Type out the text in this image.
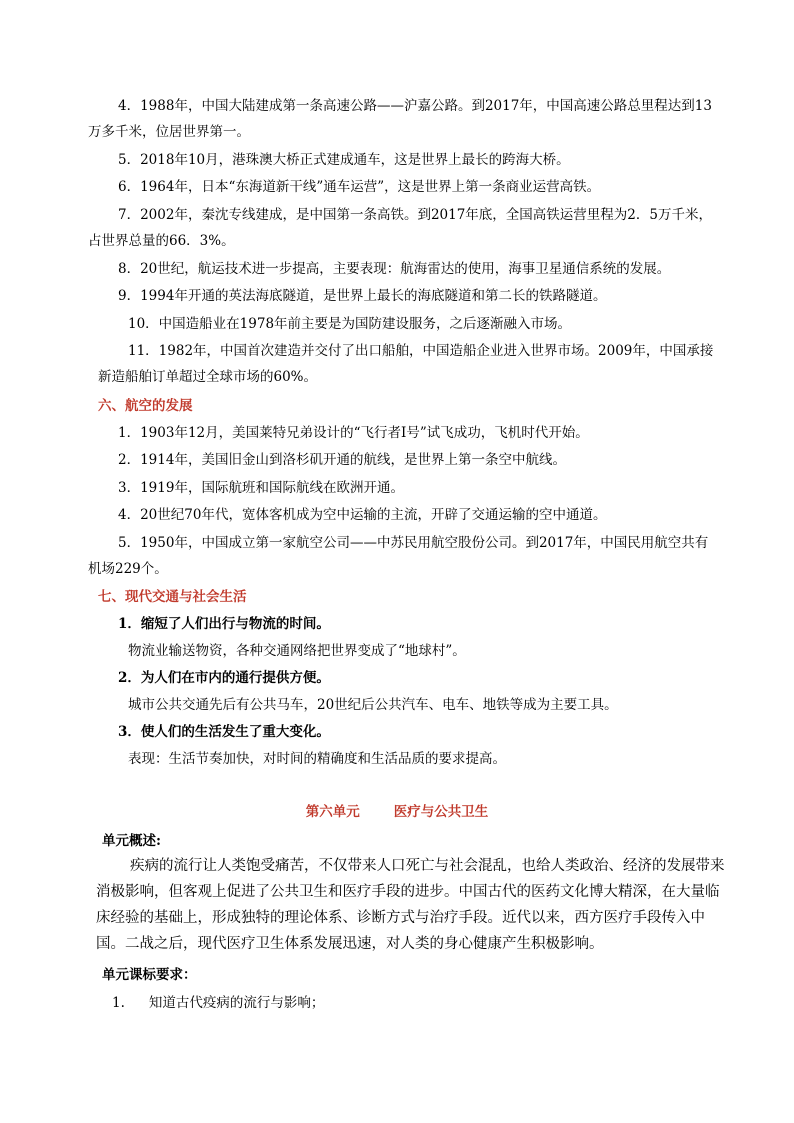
4．1988年，中国大陆建成第一条高速公路——沪嘉公路。到2017年，中国高速公路总里程达到13
万多千米，位居世界第一。
5．2018年10月，港珠澳大桥正式建成通车，这是世界上最长的跨海大桥。
6．1964年，日本“东海道新干线”通车运营”，这是世界上第一条商业运营高铁。
7．2002年，秦沈专线建成，是中国第一条高铁。到2017年底，全国高铁运营里程为2．5万千米，
占世界总量的66．3%。
8．20世纪，航运技术进一步提高，主要表现：航海雷达的使用，海事卫星通信系统的发展。
9．1994年开通的英法海底隧道，是世界上最长的海底隧道和第二长的铁路隧道。
10．中国造船业在1978年前主要是为国防建设服务，之后逐渐融入市场。
11．1982年，中国首次建造并交付了出口船舶，中国造船企业进入世界市场。2009年，中国承接
新造船舶订单超过全球市场的60%。
六、航空的发展
1．1903年12月，美国莱特兄弟设计的“飞行者Ⅰ号”试飞成功，飞机时代开始。
2．1914年，美国旧金山到洛杉矶开通的航线，是世界上第一条空中航线。
3．1919年，国际航班和国际航线在欧洲开通。
4．20世纪70年代，宽体客机成为空中运输的主流，开辟了交通运输的空中通道。
5．1950年，中国成立第一家航空公司——中苏民用航空股份公司。到2017年，中国民用航空共有
机场229个。
七、现代交通与社会生活
1．缩短了人们出行与物流的时间。
物流业输送物资，各种交通网络把世界变成了“地球村”。
2．为人们在市内的通行提供方便。
城市公共交通先后有公共马车，20世纪后公共汽车、电车、地铁等成为主要工具。
3．使人们的生活发生了重大变化。
表现：生活节奏加快，对时间的精确度和生活品质的要求提高。
第六单元	医疗与公共卫生
单元概述:
疾病的流行让人类饱受痛苦，不仅带来人口死亡与社会混乱，也给人类政治、经济的发展带来消极影响，但客观上促进了公共卫生和医疗手段的进步。中国古代的医药文化博大精深，在大量临床经验的基础上，形成独特的理论体系、诊断方式与治疗手段。近代以来，西方医疗手段传入中国。二战之后，现代医疗卫生体系发展迅速，对人类的身心健康产生积极影响。
单元课标要求：
1. 知道古代疫病的流行与影响；
